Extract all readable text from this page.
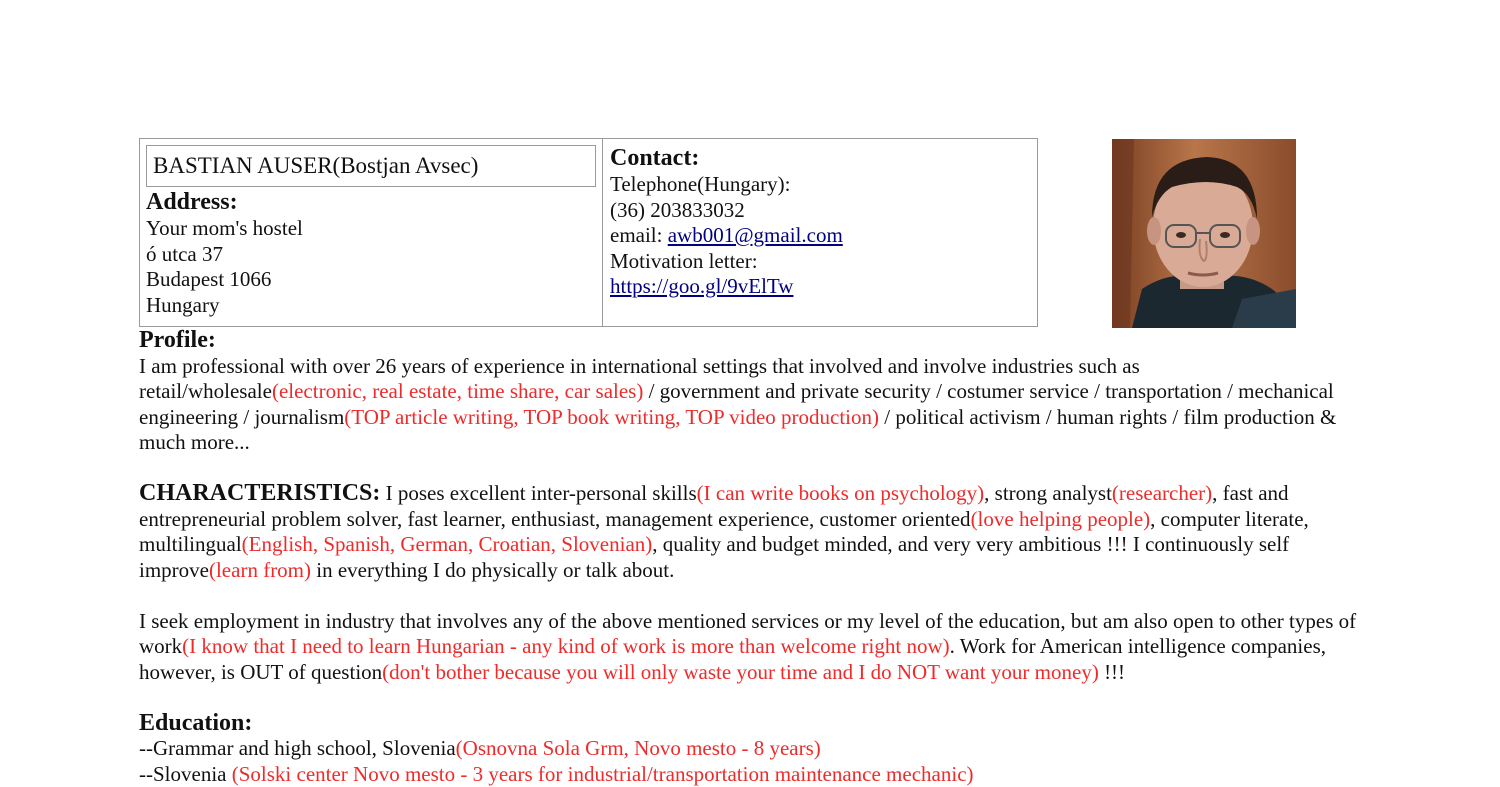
BASTIAN AUSER(Bostjan Avsec)
Address:
Your mom's hostel
ó utca 37
Budapest 1066
Hungary
Contact:
Telephone(Hungary):
(36) 203833032
email: awb001@gmail.com
Motivation letter:
https://goo.gl/9vElTw

Profile:

I am professional with over 26 years of experience in international settings that involved and involve industries such as retail/wholesale(electronic, real estate, time share, car sales) / government and private security / costumer service / transportation / mechanical engineering / journalism(TOP article writing, TOP book writing, TOP video production) / political activism / human rights / film production & much more...

CHARACTERISTICS: I poses excellent inter-personal skills(I can write books on psychology), strong analyst(researcher), fast and entrepreneurial problem solver, fast learner, enthusiast, management experience, customer oriented(love helping people), computer literate, multilingual(English, Spanish, German, Croatian, Slovenian), quality and budget minded, and very very ambitious !!! I continuously self improve(learn from) in everything I do physically or talk about.

I seek employment in industry that involves any of the above mentioned services or my level of the education, but am also open to other types of work(I know that I need to learn Hungarian - any kind of work is more than welcome right now). Work for American intelligence companies, however, is OUT of question(don't bother because you will only waste your time and I do NOT want your money) !!!

Education:

--Grammar and high school, Slovenia(Osnovna Sola Grm, Novo mesto - 8 years)

--Slovenia (Solski center Novo mesto - 3 years for industrial/transportation maintenance mechanic)
